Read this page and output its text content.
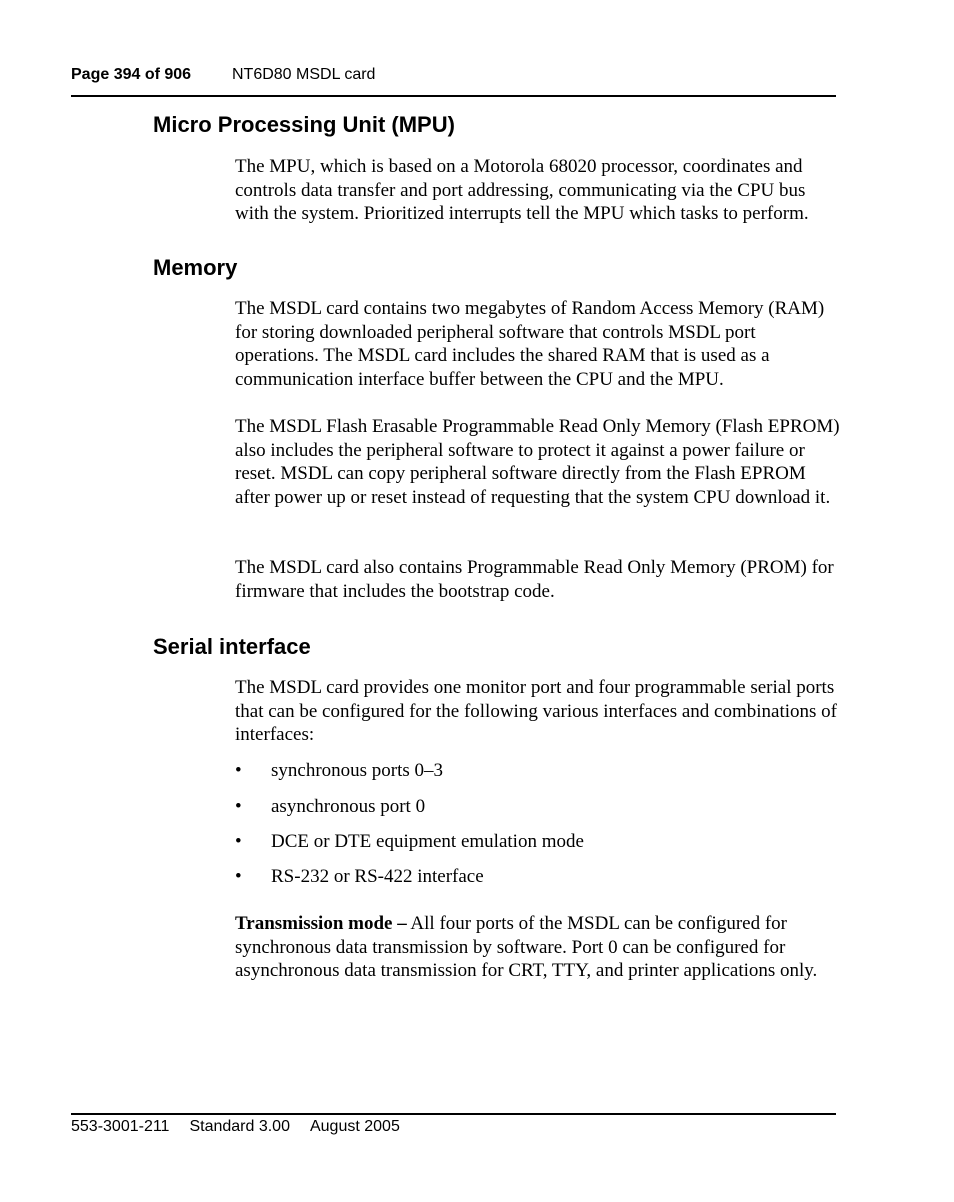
Page 394 of 906	NT6D80 MSDL card
Micro Processing Unit (MPU)

The MPU, which is based on a Motorola 68020 processor, coordinates and controls data transfer and port addressing, communicating via the CPU bus with the system. Prioritized interrupts tell the MPU which tasks to perform.

Memory

The MSDL card contains two megabytes of Random Access Memory (RAM) for storing downloaded peripheral software that controls MSDL port operations. The MSDL card includes the shared RAM that is used as a communication interface buffer between the CPU and the MPU.

The MSDL Flash Erasable Programmable Read Only Memory (Flash EPROM) also includes the peripheral software to protect it against a power failure or reset. MSDL can copy peripheral software directly from the Flash EPROM after power up or reset instead of requesting that the system CPU download it.

The MSDL card also contains Programmable Read Only Memory (PROM) for firmware that includes the bootstrap code.

Serial interface

The MSDL card provides one monitor port and four programmable serial ports that can be configured for the following various interfaces and combinations of interfaces:

• synchronous ports 0–3
• asynchronous port 0
• DCE or DTE equipment emulation mode
• RS-232 or RS-422 interface

Transmission mode – All four ports of the MSDL can be configured for synchronous data transmission by software. Port 0 can be configured for asynchronous data transmission for CRT, TTY, and printer applications only.

553-3001-211 Standard 3.00 August 2005
